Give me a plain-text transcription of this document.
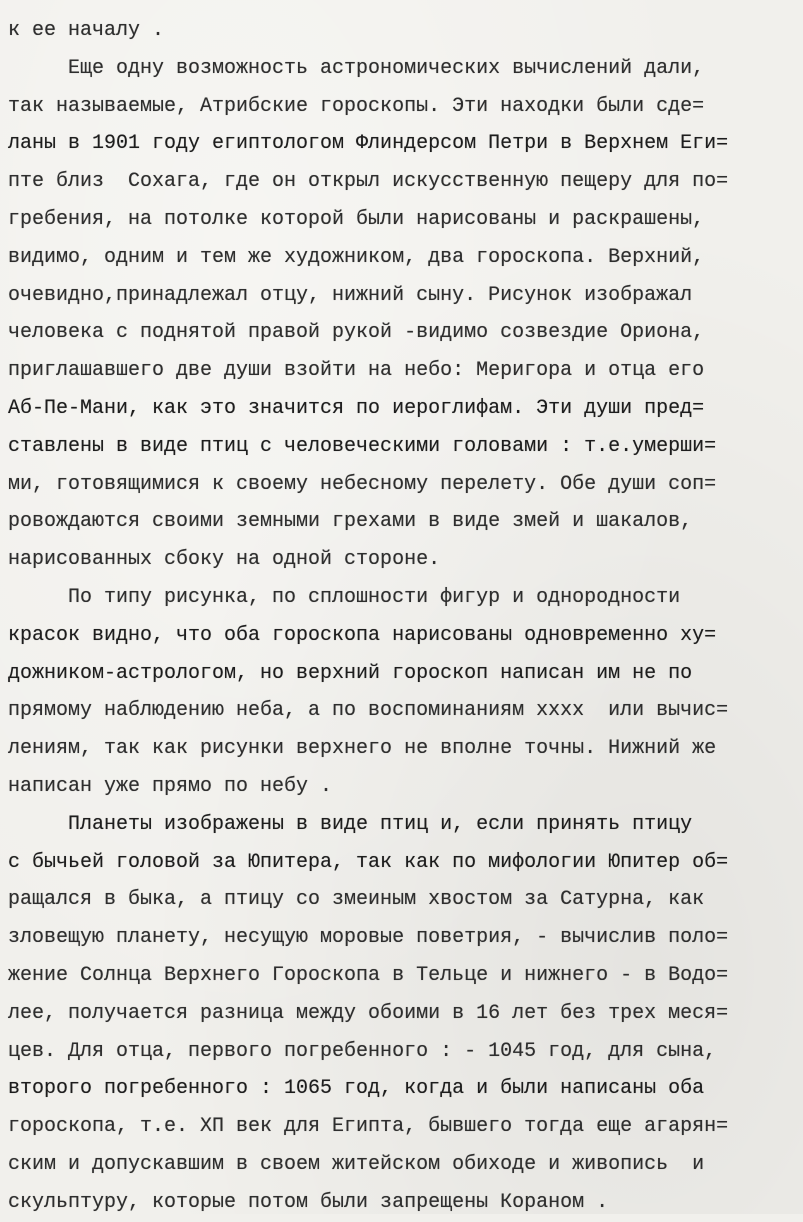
к ее началу .
Еще одну возможность астрономических вычислений дали,
так называемые, Атрибские гороскопы. Эти находки были сде=
ланы в 1901 году египтологом Флиндерсом Петри в Верхнем Еги=
пте близ  Сохага, где он открыл искусственную пещеру для по=
гребения, на потолке которой были нарисованы и раскрашены,
видимо, одним и тем же художником, два гороскопа. Верхний,
очевидно,принадлежал отцу, нижний сыну. Рисунок изображал
человека с поднятой правой рукой -видимо созвездие Ориона,
приглашавшего две души взойти на небо: Меригора и отца его
Аб-Пе-Мани, как это значится по иероглифам. Эти души пред=
ставлены в виде птиц с человеческими головами : т.е.умерши=
ми, готовящимися к своему небесному перелету. Обе души соп=
ровождаются своими земными грехами в виде змей и шакалов,
нарисованных сбоку на одной стороне.
По типу рисунка, по сплошности фигур и однородности
красок видно, что оба гороскопа нарисованы одновременно ху=
дожником-астрологом, но верхний гороскоп написан им не по
прямому наблюдению неба, а по воспоминаниям хххх  или вычис=
лениям, так как рисунки верхнего не вполне точны. Нижний же
написан уже прямо по небу .
Планеты изображены в виде птиц и, если принять птицу
с бычьей головой за Юпитера, так как по мифологии Юпитер об=
ращался в быка, а птицу со змеиным хвостом за Сатурна, как
зловещую планету, несущую моровые поветрия, - вычислив поло=
жение Солнца Верхнего Гороскопа в Тельце и нижнего - в Водо=
лее, получается разница между обоими в 16 лет без трех меся=
цев. Для отца, первого погребенного : - 1045 год, для сына,
второго погребенного : 1065 год, когда и были написаны оба
гороскопа, т.е. XП век для Египта, бывшего тогда еще агарян=
ским и допускавшим в своем житейском обиходе и живопись  и
скульптуру, которые потом были запрещены Кораном .
